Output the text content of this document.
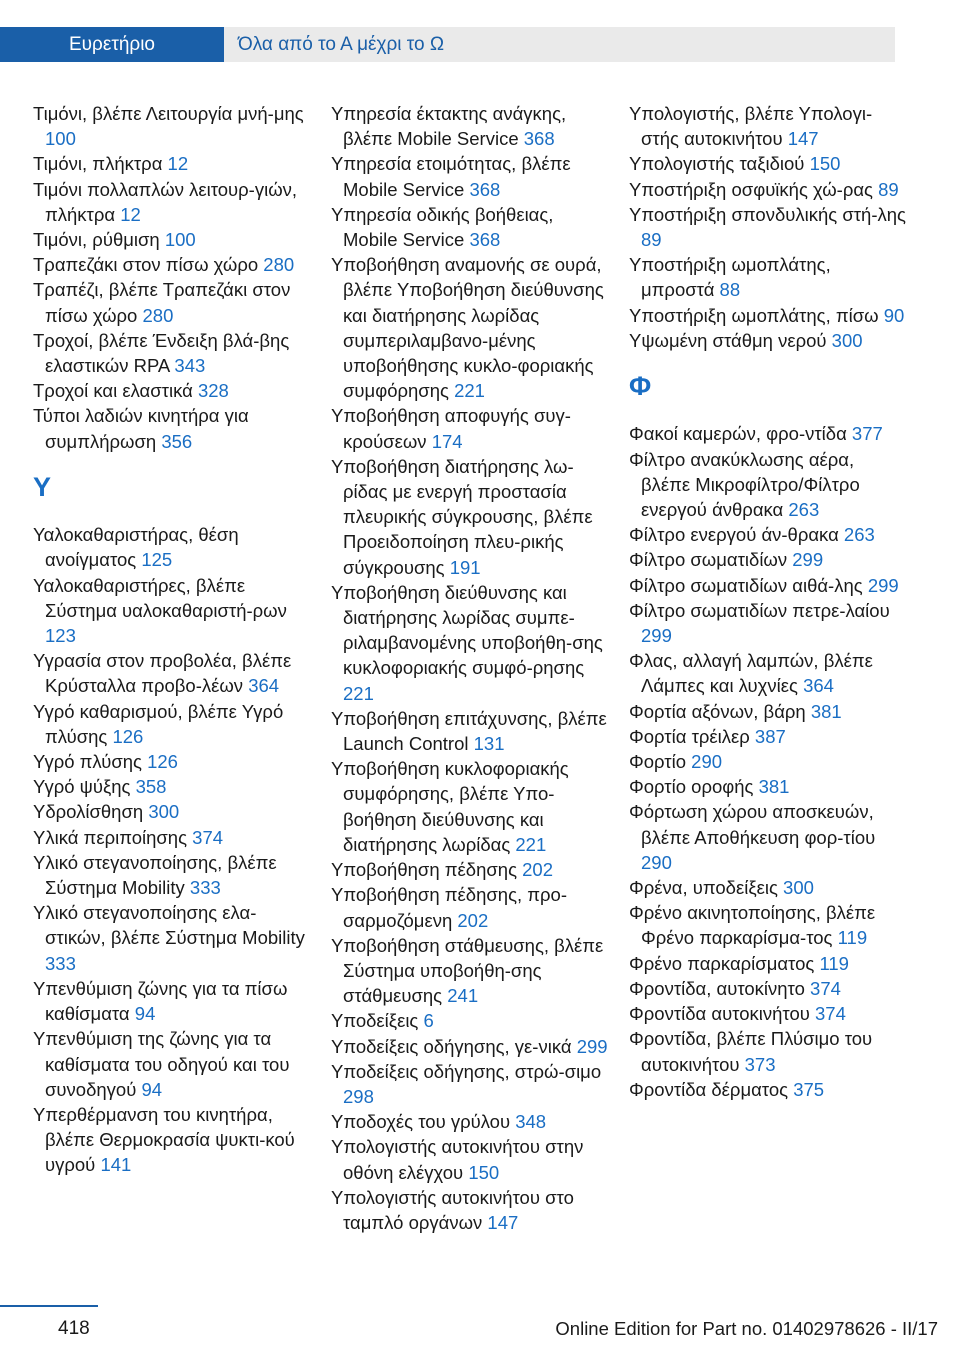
Ευρετήριο	Όλα από το Α μέχρι το Ω
Τιμόνι, βλέπε Λειτουργία μνή-μης 100
Τιμόνι, πλήκτρα 12
Τιμόνι πολλαπλών λειτουρ-γιών, πλήκτρα 12
Τιμόνι, ρύθμιση 100
Τραπεζάκι στον πίσω χώρο 280
Τραπέζι, βλέπε Τραπεζάκι στον πίσω χώρο 280
Τροχοί, βλέπε Ένδειξη βλά-βης ελαστικών RPA 343
Τροχοί και ελαστικά 328
Τύποι λαδιών κινητήρα για συμπλήρωση 356
Υ
Υαλοκαθαριστήρας, θέση ανοίγματος 125
Υαλοκαθαριστήρες, βλέπε Σύστημα υαλοκαθαριστή-ρων 123
Υγρασία στον προβολέα, βλέπε Κρύσταλλα προβο-λέων 364
Υγρό καθαρισμού, βλέπε Υγρό πλύσης 126
Υγρό πλύσης 126
Υγρό ψύξης 358
Υδρολίσθηση 300
Υλικά περιποίησης 374
Υλικό στεγανοποίησης, βλέπε Σύστημα Mobility 333
Υλικό στεγανοποίησης ελα-στικών, βλέπε Σύστημα Mobility 333
Υπενθύμιση ζώνης για τα πίσω καθίσματα 94
Υπενθύμιση της ζώνης για τα καθίσματα του οδηγού και του συνοδηγού 94
Υπερθέρμανση του κινητήρα, βλέπε Θερμοκρασία ψυκτι-κού υγρού 141
Υπηρεσία έκτακτης ανάγκης, βλέπε Mobile Service 368
Υπηρεσία ετοιμότητας, βλέπε Mobile Service 368
Υπηρεσία οδικής βοήθειας, Mobile Service 368
Υποβοήθηση αναμονής σε ουρά, βλέπε Υποβοήθηση διεύθυνσης και διατήρησης λωρίδας συμπεριλαμβανο-μένης υποβοήθησης κυκλο-φοριακής συμφόρησης 221
Υποβοήθηση αποφυγής συγ-κρούσεων 174
Υποβοήθηση διατήρησης λω-ρίδας με ενεργή προστασία πλευρικής σύγκρουσης, βλέπε Προειδοποίηση πλευ-ρικής σύγκρουσης 191
Υποβοήθηση διεύθυνσης και διατήρησης λωρίδας συμπε-ριλαμβανομένης υποβοήθη-σης κυκλοφοριακής συμφό-ρησης 221
Υποβοήθηση επιτάχυνσης, βλέπε Launch Control 131
Υποβοήθηση κυκλοφοριακής συμφόρησης, βλέπε Υπο-βοήθηση διεύθυνσης και διατήρησης λωρίδας 221
Υποβοήθηση πέδησης 202
Υποβοήθηση πέδησης, προ-σαρμοζόμενη 202
Υποβοήθηση στάθμευσης, βλέπε Σύστημα υποβοήθη-σης στάθμευσης 241
Υποδείξεις 6
Υποδείξεις οδήγησης, γε-νικά 299
Υποδείξεις οδήγησης, στρώ-σιμο 298
Υποδοχές του γρύλου 348
Υπολογιστής αυτοκινήτου στην οθόνη ελέγχου 150
Υπολογιστής αυτοκινήτου στο ταμπλό οργάνων 147
Υπολογιστής, βλέπε Υπολογι-στής αυτοκινήτου 147
Υπολογιστής ταξιδιού 150
Υποστήριξη οσφυϊκής χώ-ρας 89
Υποστήριξη σπονδυλικής στή-λης 89
Υποστήριξη ωμοπλάτης, μπροστά 88
Υποστήριξη ωμοπλάτης, πίσω 90
Υψωμένη στάθμη νερού 300
Φ
Φακοί καμερών, φρο-ντίδα 377
Φίλτρο ανακύκλωσης αέρα, βλέπε Μικροφίλτρο/Φίλτρο ενεργού άνθρακα 263
Φίλτρο ενεργού άν-θρακα 263
Φίλτρο σωματιδίων 299
Φίλτρο σωματιδίων αιθά-λης 299
Φίλτρο σωματιδίων πετρε-λαίου 299
Φλας, αλλαγή λαμπών, βλέπε Λάμπες και λυχνίες 364
Φορτία αξόνων, βάρη 381
Φορτία τρέιλερ 387
Φορτίο 290
Φορτίο οροφής 381
Φόρτωση χώρου αποσκευών, βλέπε Αποθήκευση φορ-τίου 290
Φρένα, υποδείξεις 300
Φρένο ακινητοποίησης, βλέπε Φρένο παρκαρίσμα-τος 119
Φρένο παρκαρίσματος 119
Φροντίδα, αυτοκίνητο 374
Φροντίδα αυτοκινήτου 374
Φροντίδα, βλέπε Πλύσιμο του αυτοκινήτου 373
Φροντίδα δέρματος 375
418	Online Edition for Part no. 01402978626 - II/17
